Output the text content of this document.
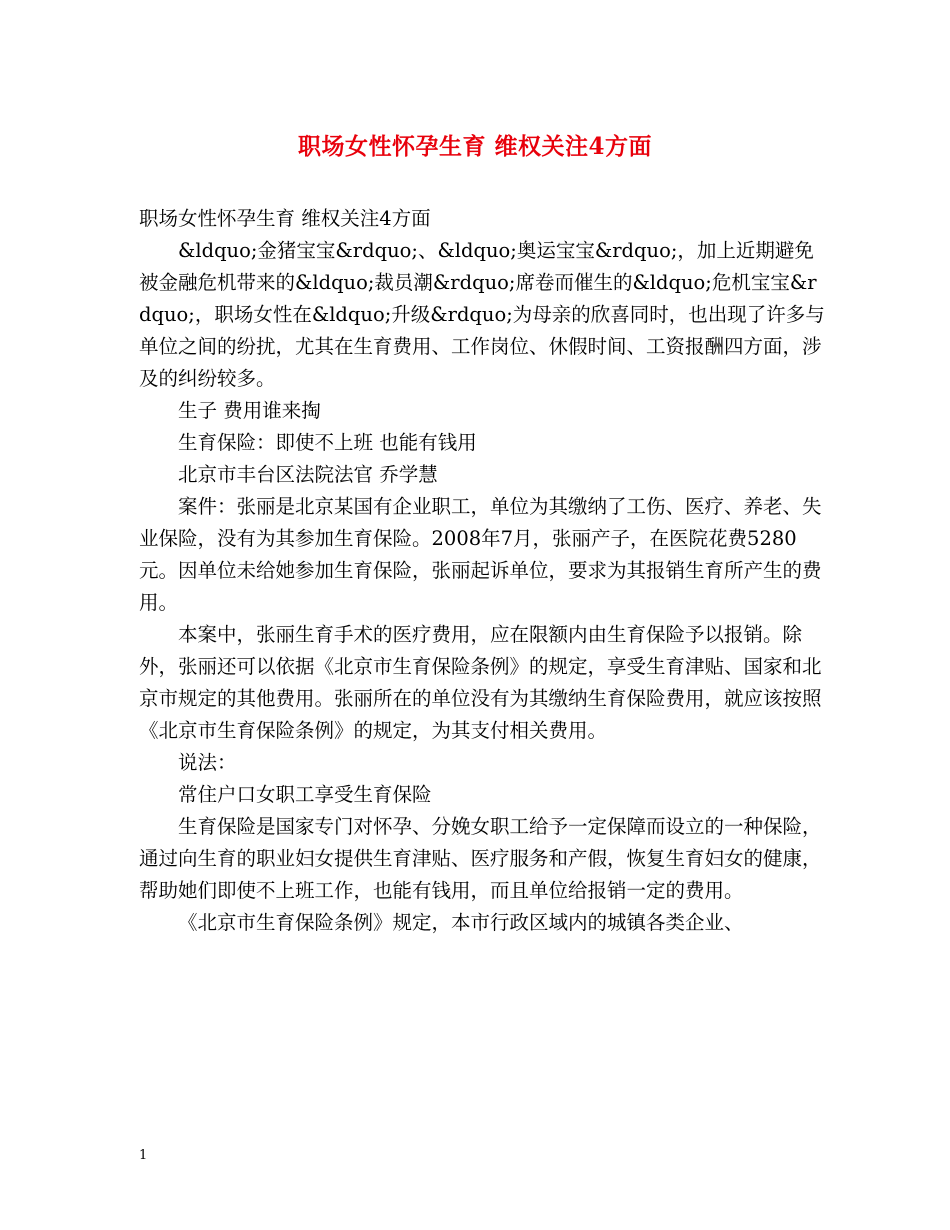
职场女性怀孕生育 维权关注4方面

职场女性怀孕生育 维权关注4方面

&ldquo;金猪宝宝&rdquo;、&ldquo;奥运宝宝&rdquo;，加上近期避免被金融危机带来的&ldquo;裁员潮&rdquo;席卷而催生的&ldquo;危机宝宝&rdquo;，职场女性在&ldquo;升级&rdquo;为母亲的欣喜同时，也出现了许多与单位之间的纷扰，尤其在生育费用、工作岗位、休假时间、工资报酬四方面，涉及的纠纷较多。

生子 费用谁来掏

生育保险：即使不上班 也能有钱用

北京市丰台区法院法官 乔学慧

案件：张丽是北京某国有企业职工，单位为其缴纳了工伤、医疗、养老、失业保险，没有为其参加生育保险。2008年7月，张丽产子，在医院花费5280元。因单位未给她参加生育保险，张丽起诉单位，要求为其报销生育所产生的费用。

本案中，张丽生育手术的医疗费用，应在限额内由生育保险予以报销。除外，张丽还可以依据《北京市生育保险条例》的规定，享受生育津贴、国家和北京市规定的其他费用。张丽所在的单位没有为其缴纳生育保险费用，就应该按照《北京市生育保险条例》的规定，为其支付相关费用。

说法：

常住户口女职工享受生育保险

生育保险是国家专门对怀孕、分娩女职工给予一定保障而设立的一种保险，通过向生育的职业妇女提供生育津贴、医疗服务和产假，恢复生育妇女的健康，帮助她们即使不上班工作，也能有钱用，而且单位给报销一定的费用。

《北京市生育保险条例》规定，本市行政区域内的城镇各类企业、

1
